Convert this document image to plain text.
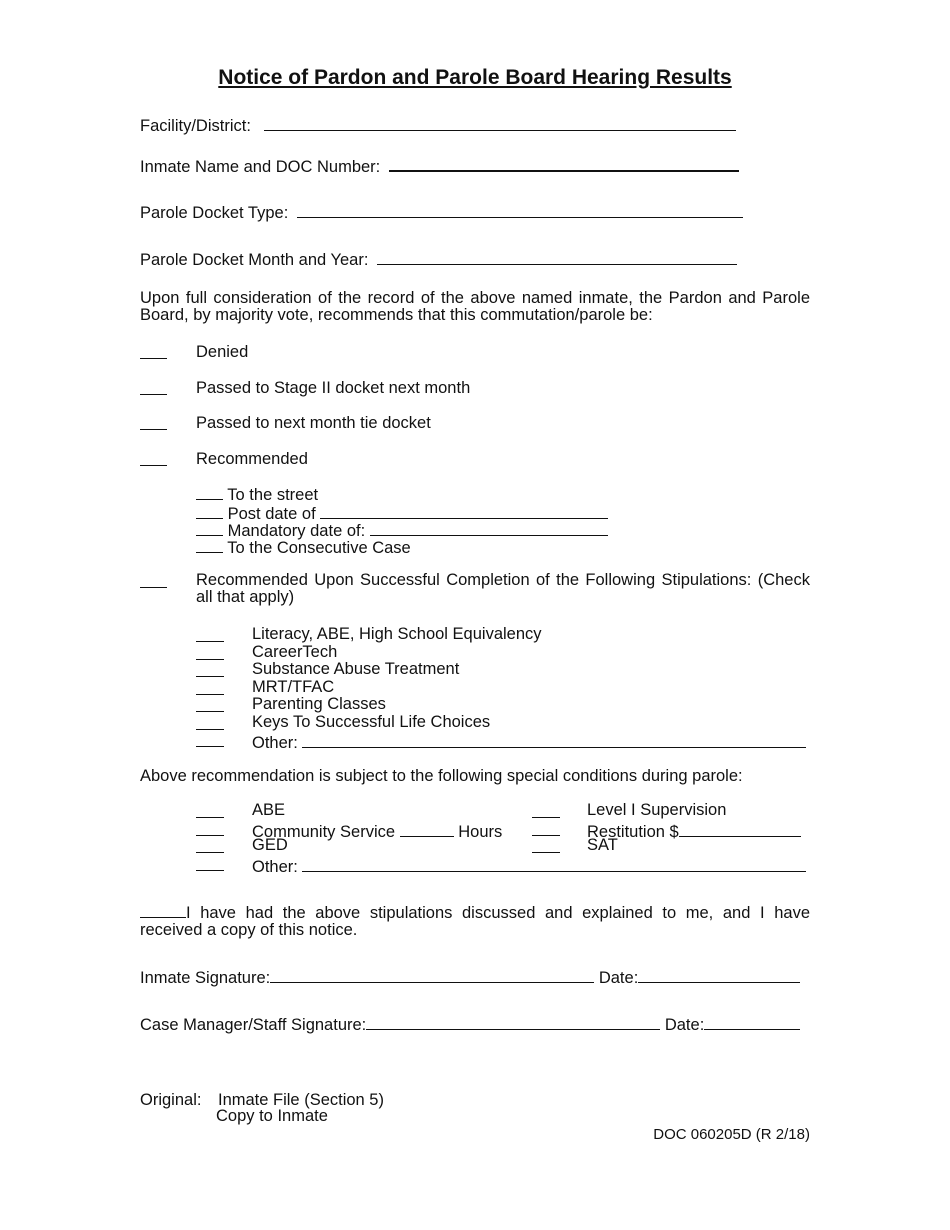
Notice of Pardon and Parole Board Hearing Results
Facility/District:
Inmate Name and DOC Number:
Parole Docket Type:
Parole Docket Month and Year:
Upon full consideration of the record of the above named inmate, the Pardon and Parole Board, by majority vote, recommends that this commutation/parole be:
Denied
Passed to Stage II docket next month
Passed to next month tie docket
Recommended
To the street
Post date of
Mandatory date of:
To the Consecutive Case
Recommended Upon Successful Completion of the Following Stipulations: (Check all that apply)
Literacy, ABE, High School Equivalency
CareerTech
Substance Abuse Treatment
MRT/TFAC
Parenting Classes
Keys To Successful Life Choices
Other:
Above recommendation is subject to the following special conditions during parole:
ABE	Level I Supervision
Community Service	Hours	Restitution $
GED	SAT
Other:
I have had the above stipulations discussed and explained to me, and I have received a copy of this notice.
Inmate Signature:	Date:
Case Manager/Staff Signature:	Date:
Original: Inmate File (Section 5)
Copy to Inmate
DOC 060205D (R 2/18)
